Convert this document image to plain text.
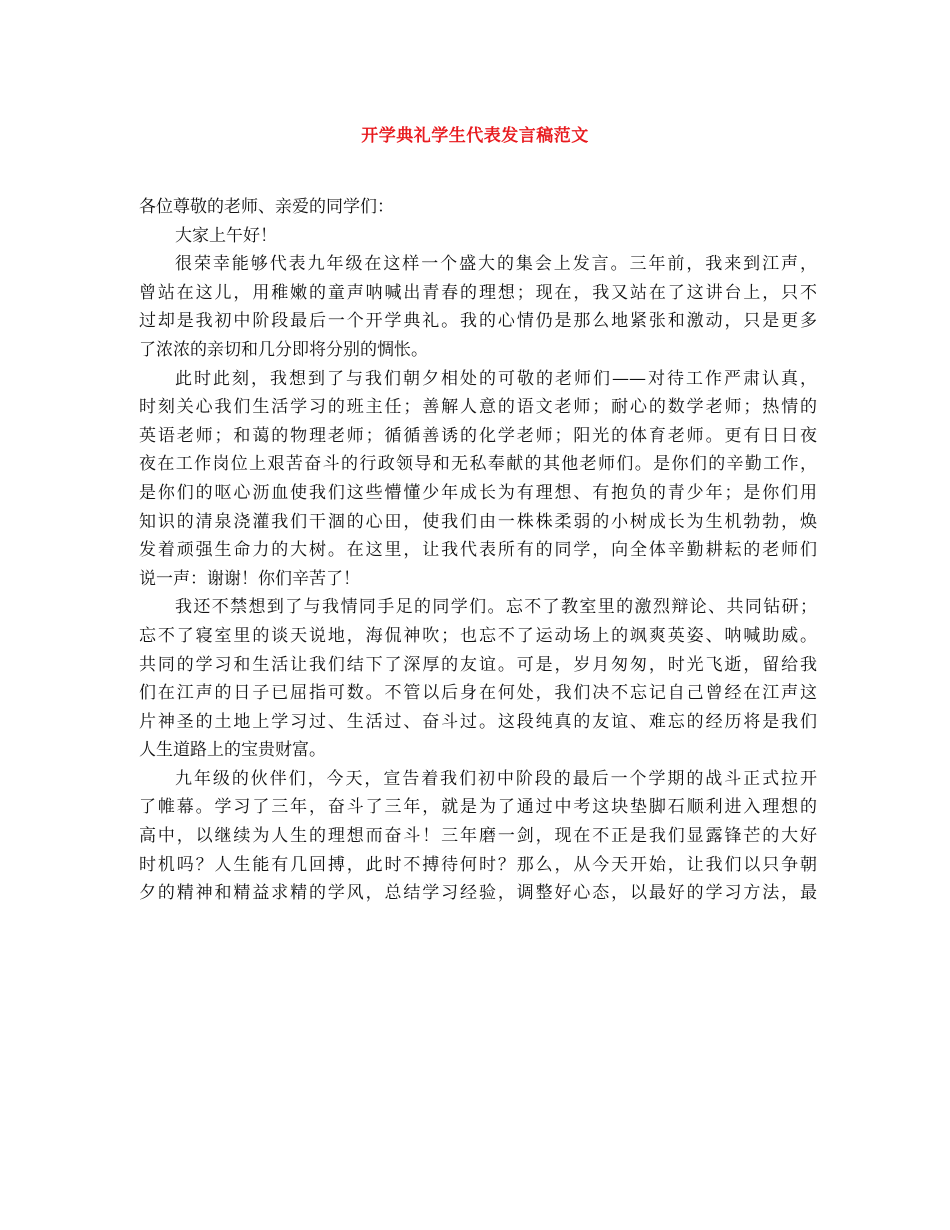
开学典礼学生代表发言稿范文
各位尊敬的老师、亲爱的同学们：
大家上午好！
很荣幸能够代表九年级在这样一个盛大的集会上发言。三年前，我来到江声，
曾站在这儿，用稚嫩的童声呐喊出青春的理想；现在，我又站在了这讲台上，只不
过却是我初中阶段最后一个开学典礼。我的心情仍是那么地紧张和激动，只是更多
了浓浓的亲切和几分即将分别的惆怅。
此时此刻，我想到了与我们朝夕相处的可敬的老师们——对待工作严肃认真，
时刻关心我们生活学习的班主任；善解人意的语文老师；耐心的数学老师；热情的
英语老师；和蔼的物理老师；循循善诱的化学老师；阳光的体育老师。更有日日夜
夜在工作岗位上艰苦奋斗的行政领导和无私奉献的其他老师们。是你们的辛勤工作，
是你们的呕心沥血使我们这些懵懂少年成长为有理想、有抱负的青少年；是你们用
知识的清泉浇灌我们干涸的心田，使我们由一株株柔弱的小树成长为生机勃勃，焕
发着顽强生命力的大树。在这里，让我代表所有的同学，向全体辛勤耕耘的老师们
说一声：谢谢！你们辛苦了！
我还不禁想到了与我情同手足的同学们。忘不了教室里的激烈辩论、共同钻研；
忘不了寝室里的谈天说地，海侃神吹；也忘不了运动场上的飒爽英姿、呐喊助威。
共同的学习和生活让我们结下了深厚的友谊。可是，岁月匆匆，时光飞逝，留给我
们在江声的日子已屈指可数。不管以后身在何处，我们决不忘记自己曾经在江声这
片神圣的土地上学习过、生活过、奋斗过。这段纯真的友谊、难忘的经历将是我们
人生道路上的宝贵财富。
九年级的伙伴们，今天，宣告着我们初中阶段的最后一个学期的战斗正式拉开
了帷幕。学习了三年，奋斗了三年，就是为了通过中考这块垫脚石顺利进入理想的
高中，以继续为人生的理想而奋斗！三年磨一剑，现在不正是我们显露锋芒的大好
时机吗？人生能有几回搏，此时不搏待何时？那么，从今天开始，让我们以只争朝
夕的精神和精益求精的学风，总结学习经验，调整好心态，以最好的学习方法，最
